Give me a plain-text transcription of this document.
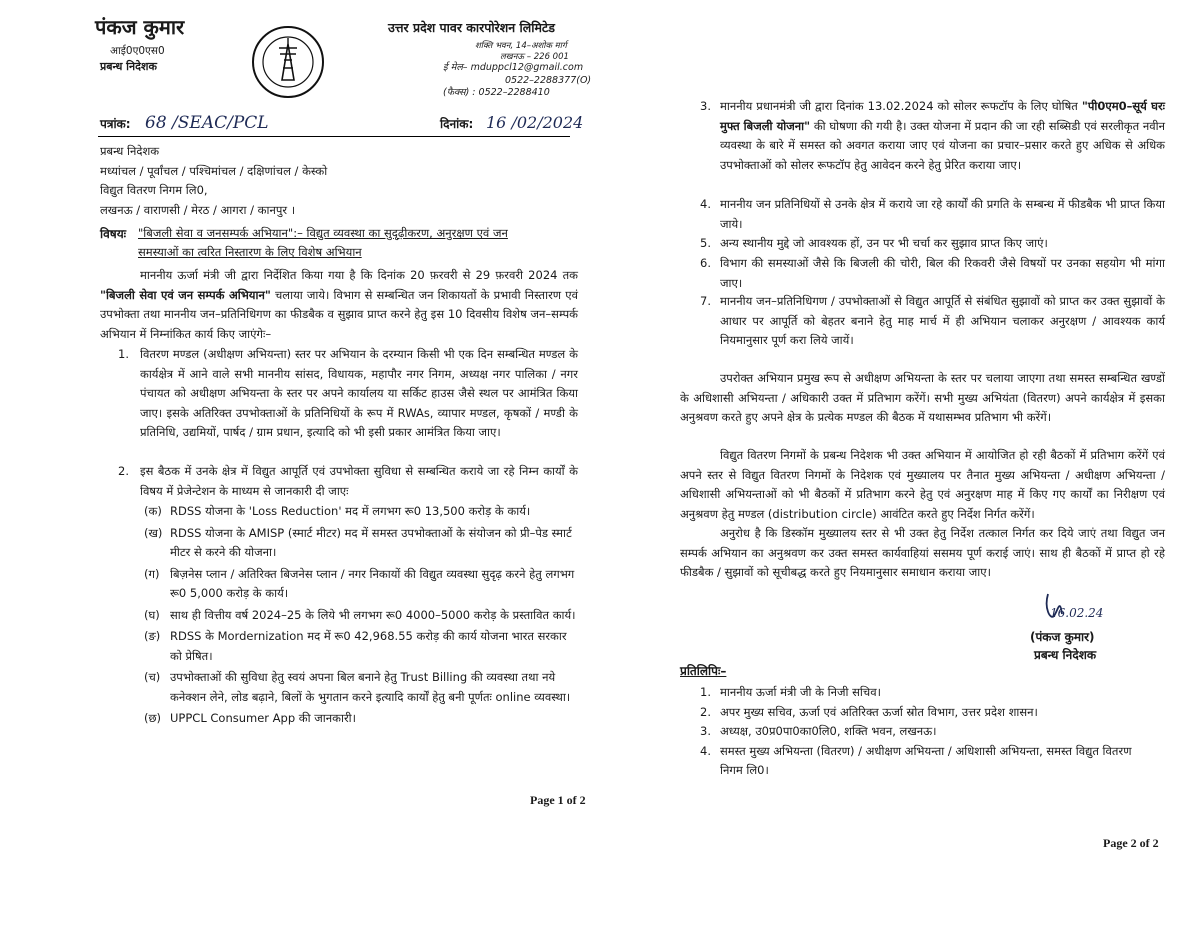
पंकज कुमार
आई0ए0एस0
प्रबन्ध निदेशक
उत्तर प्रदेश पावर कारपोरेशन लिमिटेड
शक्ति भवन, 14–अशोक मार्ग
लखनऊ – 226 001
ई मेल– mduppcl12@gmail.com
0522–2288377(O)
(फैक्स) : 0522–2288410
पत्रांक: 68 /SEAC/PCL	दिनांक: 16 /02/2024
प्रबन्ध निदेशक
मध्यांचल / पूर्वांचल / पश्चिमांचल / दक्षिणांचल / केस्को
विद्युत वितरण निगम लि0,
लखनऊ / वाराणसी / मेरठ / आगरा / कानपुर ।
विषयः "बिजली सेवा व जनसम्पर्क अभियान":– विद्युत व्यवस्था का सुदृढ़ीकरण, अनुरक्षण एवं जन
समस्याओं का त्वरित निस्तारण के लिए विशेष अभियान
माननीय ऊर्जा मंत्री जी द्वारा निर्देशित किया गया है कि दिनांक 20 फ़रवरी से 29 फ़रवरी 2024 तक "बिजली सेवा एवं जन सम्पर्क अभियान" चलाया जाये। विभाग से सम्बन्धित जन शिकायतों के प्रभावी निस्तारण एवं उपभोक्ता तथा माननीय जन–प्रतिनिधिगण का फीडबैक व सुझाव प्राप्त करने हेतु इस 10 दिवसीय विशेष जन–सम्पर्क अभियान में निम्नांकित कार्य किए जाएंगेः–
1. वितरण मण्डल (अधीक्षण अभियन्ता) स्तर पर अभियान के दरम्यान किसी भी एक दिन सम्बन्धित मण्डल के कार्यक्षेत्र में आने वाले सभी माननीय सांसद, विधायक, महापौर नगर निगम, अध्यक्ष नगर पालिका / नगर पंचायत को अधीक्षण अभियन्ता के स्तर पर अपने कार्यालय या सर्किट हाउस जैसे स्थल पर आमंत्रित किया जाए। इसके अतिरिक्त उपभोक्ताओं के प्रतिनिधियों के रूप में RWAs, व्यापार मण्डल, कृषकों / मण्डी के प्रतिनिधि, उद्यमियों, पार्षद / ग्राम प्रधान, इत्यादि को भी इसी प्रकार आमंत्रित किया जाए।
2. इस बैठक में उनके क्षेत्र में विद्युत आपूर्ति एवं उपभोक्ता सुविधा से सम्बन्धित कराये जा रहे निम्न कार्यों के विषय में प्रेजेन्टेशन के माध्यम से जानकारी दी जाएः
(क) RDSS योजना के 'Loss Reduction' मद में लगभग रू0 13,500 करोड़ के कार्य।
(ख) RDSS योजना के AMISP (स्मार्ट मीटर) मद में समस्त उपभोक्ताओं के संयोजन को प्री–पेड स्मार्ट मीटर से करने की योजना।
(ग) बिज़नेस प्लान / अतिरिक्त बिजनेस प्लान / नगर निकायों की विद्युत व्यवस्था सुदृढ़ करने हेतु लगभग रू0 5,000 करोड़ के कार्य।
(घ) साथ ही वित्तीय वर्ष 2024–25 के लिये भी लगभग रू0 4000–5000 करोड़ के प्रस्तावित कार्य।
(ङ) RDSS के Mordernization मद में रू0 42,968.55 करोड़ की कार्य योजना भारत सरकार को प्रेषित।
(च) उपभोक्ताओं की सुविधा हेतु स्वयं अपना बिल बनाने हेतु Trust Billing की व्यवस्था तथा नये कनेक्शन लेने, लोड बढ़ाने, बिलों के भुगतान करने इत्यादि कार्यों हेतु बनी पूर्णतः online व्यवस्था।
(छ) UPPCL Consumer App की जानकारी।
Page 1 of 2
3. माननीय प्रधानमंत्री जी द्वारा दिनांक 13.02.2024 को सोलर रूफटॉप के लिए घोषित "पी0एम0–सूर्य घरः मुफ्त बिजली योजना" की घोषणा की गयी है। उक्त योजना में प्रदान की जा रही सब्सिडी एवं सरलीकृत नवीन व्यवस्था के बारे में समस्त को अवगत कराया जाए एवं योजना का प्रचार–प्रसार करते हुए अधिक से अधिक उपभोक्ताओं को सोलर रूफटॉप हेतु आवेदन करने हेतु प्रेरित कराया जाए।
4. माननीय जन प्रतिनिधियों से उनके क्षेत्र में कराये जा रहे कार्यों की प्रगति के सम्बन्ध में फीडबैक भी प्राप्त किया जाये।
5. अन्य स्थानीय मुद्दे जो आवश्यक हों, उन पर भी चर्चा कर सुझाव प्राप्त किए जाएं।
6. विभाग की समस्याओं जैसे कि बिजली की चोरी, बिल की रिकवरी जैसे विषयों पर उनका सहयोग भी मांगा जाए।
7. माननीय जन–प्रतिनिधिगण / उपभोक्ताओं से विद्युत आपूर्ति से संबंधित सुझावों को प्राप्त कर उक्त सुझावों के आधार पर आपूर्ति को बेहतर बनाने हेतु माह मार्च में ही अभियान चलाकर अनुरक्षण / आवश्यक कार्य नियमानुसार पूर्ण करा लिये जायें।
उपरोक्त अभियान प्रमुख रूप से अधीक्षण अभियन्ता के स्तर पर चलाया जाएगा तथा समस्त सम्बन्धित खण्डों के अधिशासी अभियन्ता / अधिकारी उक्त में प्रतिभाग करेंगें। सभी मुख्य अभियंता (वितरण) अपने कार्यक्षेत्र में इसका अनुश्रवण करते हुए अपने क्षेत्र के प्रत्येक मण्डल की बैठक में यथासम्भव प्रतिभाग भी करेंगें।
विद्युत वितरण निगमों के प्रबन्ध निदेशक भी उक्त अभियान में आयोजित हो रही बैठकों में प्रतिभाग करेंगें एवं अपने स्तर से विद्युत वितरण निगमों के निदेशक एवं मुख्यालय पर तैनात मुख्य अभियन्ता / अधीक्षण अभियन्ता / अधिशासी अभियन्ताओं को भी बैठकों में प्रतिभाग करने हेतु एवं अनुरक्षण माह में किए गए कार्यों का निरीक्षण एवं अनुश्रवण हेतु मण्डल (distribution circle) आवंटित करते हुए निर्देश निर्गत करेंगें।
अनुरोध है कि डिस्कॉम मुख्यालय स्तर से भी उक्त हेतु निर्देश तत्काल निर्गत कर दिये जाएं तथा विद्युत जन सम्पर्क अभियान का अनुश्रवण कर उक्त समस्त कार्यवाहियां ससमय पूर्ण कराई जाएं। साथ ही बैठकों में प्राप्त हो रहे फीडबैक / सुझावों को सूचीबद्ध करते हुए नियमानुसार समाधान कराया जाए।
16.02.24
(पंकज कुमार)
प्रबन्ध निदेशक
प्रतिलिपिः–
1. माननीय ऊर्जा मंत्री जी के निजी सचिव।
2. अपर मुख्य सचिव, ऊर्जा एवं अतिरिक्त ऊर्जा स्रोत विभाग, उत्तर प्रदेश शासन।
3. अध्यक्ष, उ0प्र0पा0का0लि0, शक्ति भवन, लखनऊ।
4. समस्त मुख्य अभियन्ता (वितरण) / अधीक्षण अभियन्ता / अधिशासी अभियन्ता, समस्त विद्युत वितरण निगम लि0।
Page 2 of 2
